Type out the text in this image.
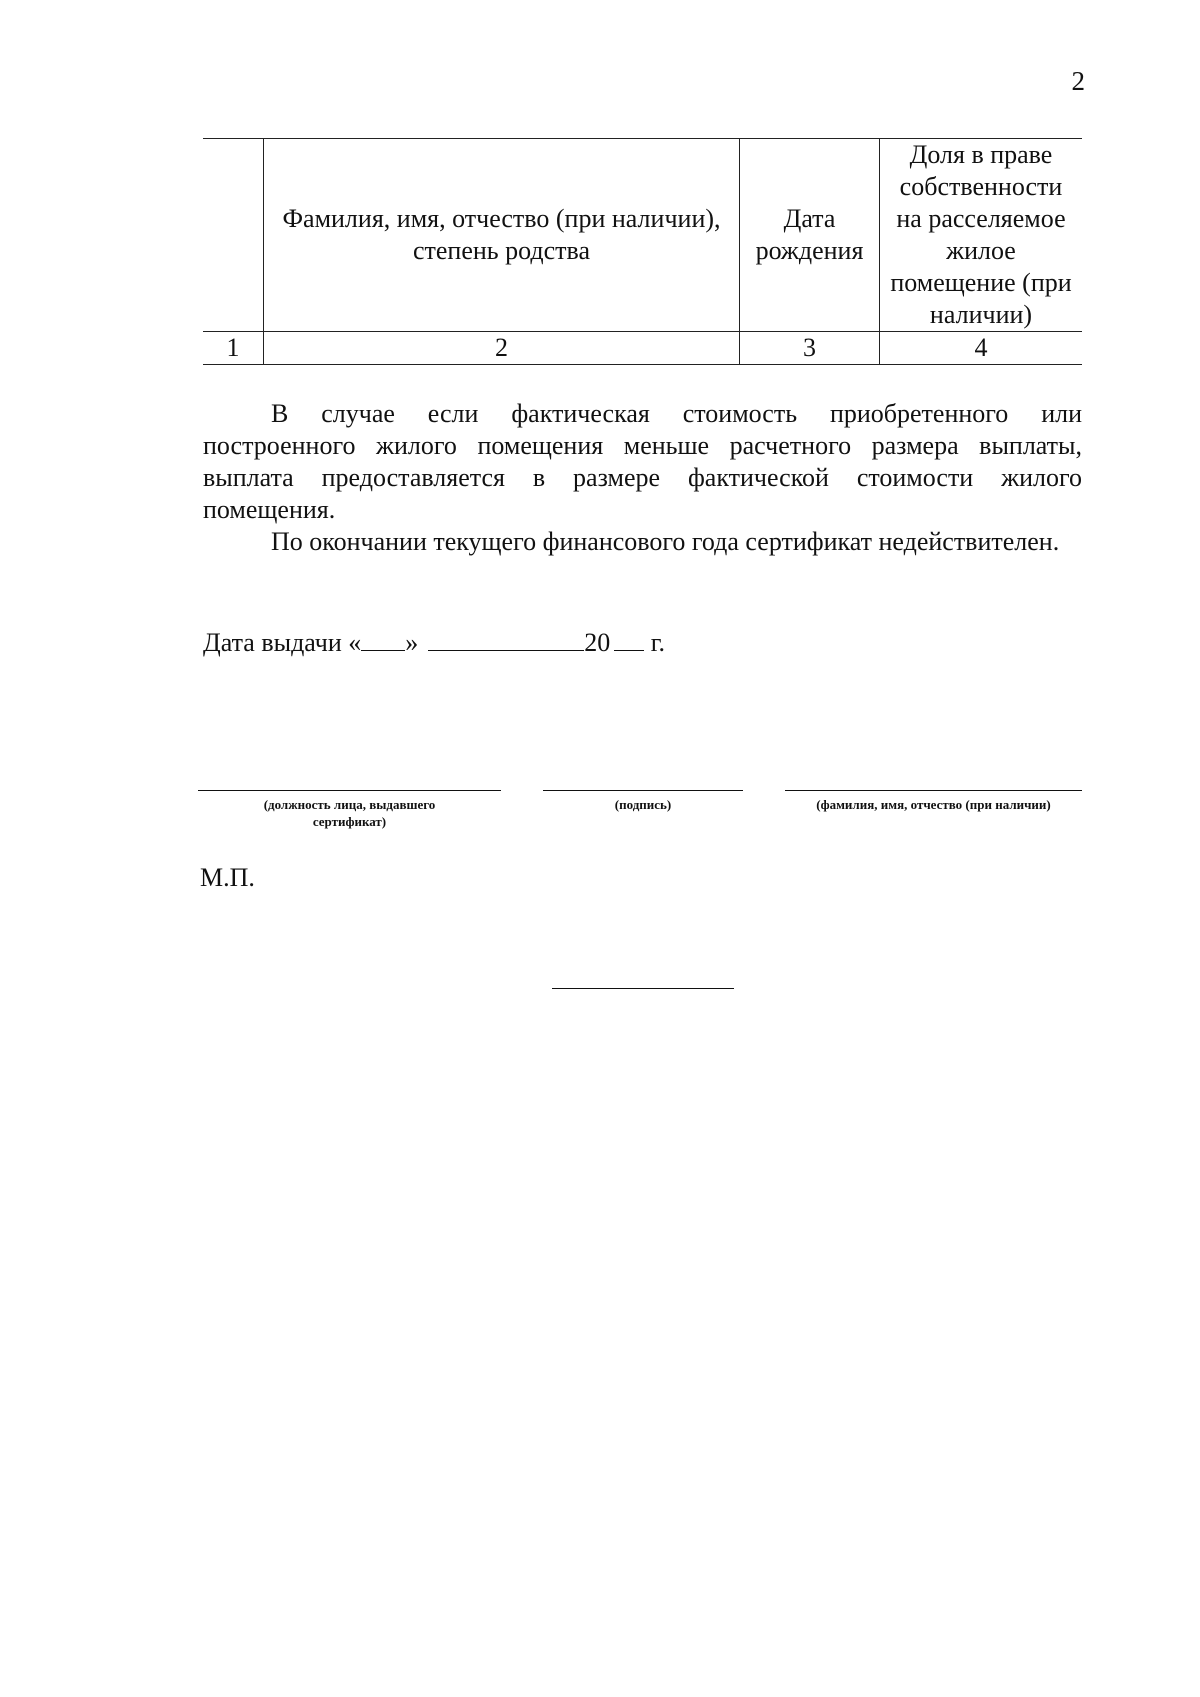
2
	Фамилия, имя, отчество (при наличии), степень родства	Дата рождения	Доля в праве собственности на расселяемое жилое помещение (при наличии)
1	2	3	4

В случае если фактическая стоимость приобретенного или построенного жилого помещения меньше расчетного размера выплаты, выплата предоставляется в размере фактической стоимости жилого помещения.

По окончании текущего финансового года сертификат недействителен.

Дата выдачи « »	20 г.
(должность лица, выдавшего сертификат)
(подпись)	(фамилия, имя, отчество (при наличии)
М.П.
